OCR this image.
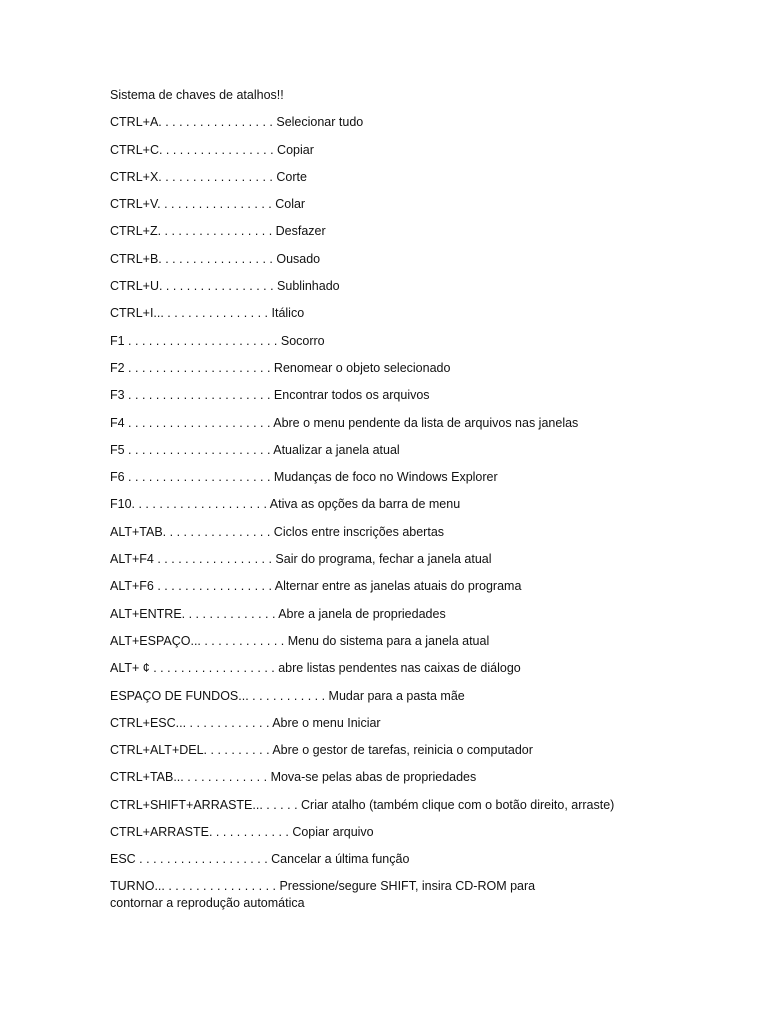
Sistema de chaves de atalhos!!
CTRL+A. . . . . . . . . . . . . . . . . Selecionar tudo
CTRL+C. . . . . . . . . . . . . . . . . Copiar
CTRL+X. . . . . . . . . . . . . . . . . Corte
CTRL+V. . . . . . . . . . . . . . . . . Colar
CTRL+Z. . . . . . . . . . . . . . . . . Desfazer
CTRL+B. . . . . . . . . . . . . . . . . Ousado
CTRL+U. . . . . . . . . . . . . . . . . Sublinhado
CTRL+I... . . . . . . . . . . . . . . . Itálico
F1 . . . . . . . . . . . . . . . . . . . . . . Socorro
F2 . . . . . . . . . . . . . . . . . . . . . Renomear o objeto selecionado
F3 . . . . . . . . . . . . . . . . . . . . . Encontrar todos os arquivos
F4 . . . . . . . . . . . . . . . . . . . . . Abre o menu pendente da lista de arquivos nas janelas
F5 . . . . . . . . . . . . . . . . . . . . . Atualizar a janela atual
F6 . . . . . . . . . . . . . . . . . . . . . Mudanças de foco no Windows Explorer
F10. . . . . . . . . . . . . . . . . . . . Ativa as opções da barra de menu
ALT+TAB. . . . . . . . . . . . . . . . Ciclos entre inscrições abertas
ALT+F4 . . . . . . . . . . . . . . . . . Sair do programa, fechar a janela atual
ALT+F6 . . . . . . . . . . . . . . . . . Alternar entre as janelas atuais do programa
ALT+ENTRE. . . . . . . . . . . . . . Abre a janela de propriedades
ALT+ESPAÇO... . . . . . . . . . . . . Menu do sistema para a janela atual
ALT+ ¢ . . . . . . . . . . . . . . . . . . abre listas pendentes nas caixas de diálogo
ESPAÇO DE FUNDOS... . . . . . . . . . . . Mudar para a pasta mãe
CTRL+ESC... . . . . . . . . . . . . Abre o menu Iniciar
CTRL+ALT+DEL. . . . . . . . . . Abre o gestor de tarefas, reinicia o computador
CTRL+TAB... . . . . . . . . . . . . Mova-se pelas abas de propriedades
CTRL+SHIFT+ARRASTE... . . . . . Criar atalho (também clique com o botão direito, arraste)
CTRL+ARRASTE. . . . . . . . . . . . Copiar arquivo
ESC . . . . . . . . . . . . . . . . . . . Cancelar a última função
TURNO... . . . . . . . . . . . . . . . . Pressione/segure SHIFT, insira CD-ROM para contornar a reprodução automática
